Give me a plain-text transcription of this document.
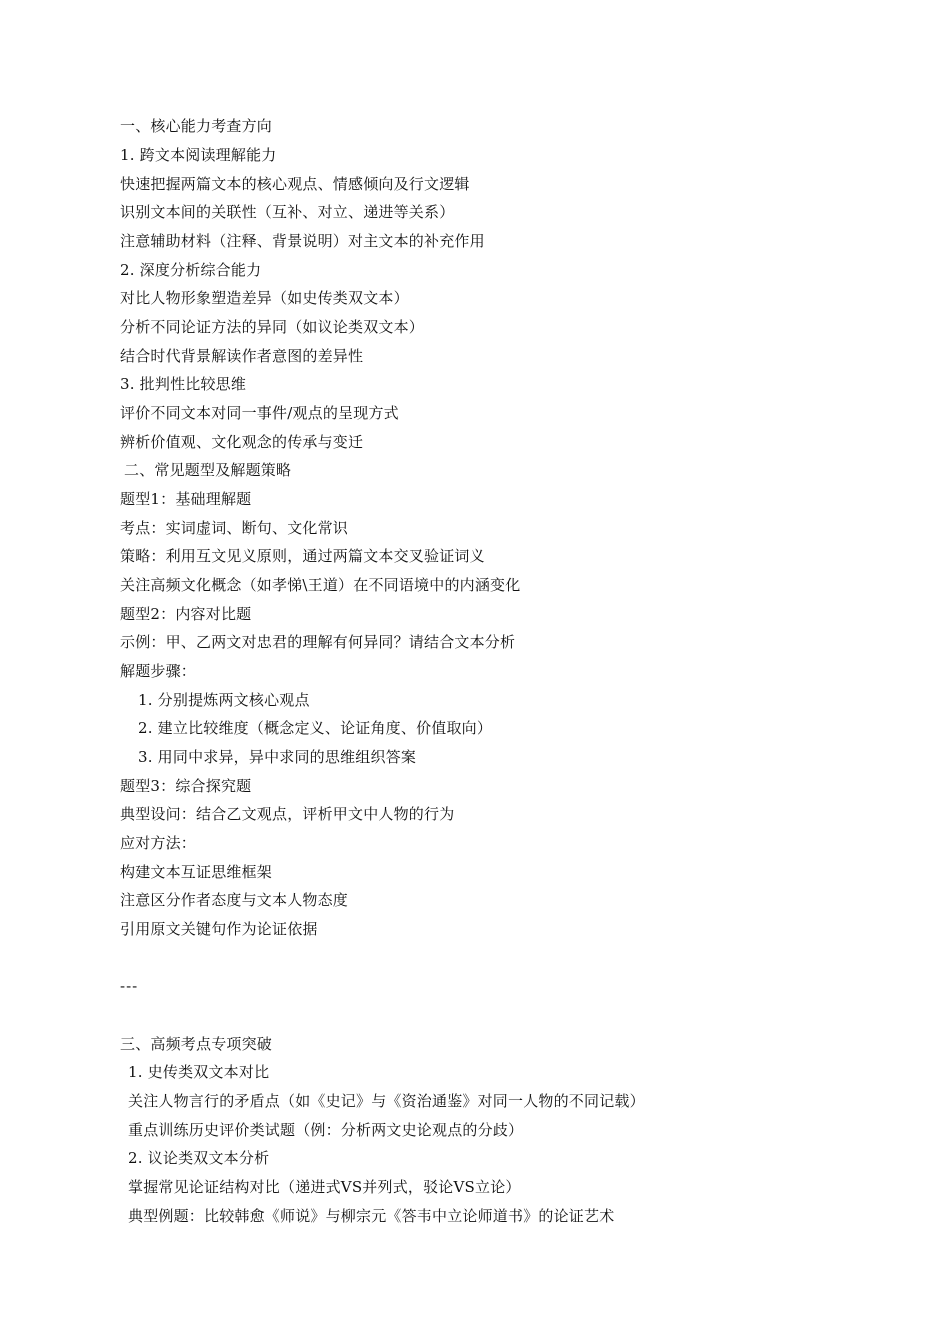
一、核心能力考查方向
1. 跨文本阅读理解能力
快速把握两篇文本的核心观点、情感倾向及行文逻辑
识别文本间的关联性（互补、对立、递进等关系）
注意辅助材料（注释、背景说明）对主文本的补充作用
2. 深度分析综合能力
对比人物形象塑造差异（如史传类双文本）
分析不同论证方法的异同（如议论类双文本）
结合时代背景解读作者意图的差异性
3. 批判性比较思维
评价不同文本对同一事件/观点的呈现方式
辨析价值观、文化观念的传承与变迁
二、常见题型及解题策略
题型1：基础理解题
考点：实词虚词、断句、文化常识
策略：利用互文见义原则，通过两篇文本交叉验证词义
关注高频文化概念（如孝悌\王道）在不同语境中的内涵变化
题型2：内容对比题
示例：甲、乙两文对忠君的理解有何异同？请结合文本分析
解题步骤：
1. 分别提炼两文核心观点
2. 建立比较维度（概念定义、论证角度、价值取向）
3. 用同中求异，异中求同的思维组织答案
题型3：综合探究题
典型设问：结合乙文观点，评析甲文中人物的行为
应对方法：
构建文本互证思维框架
注意区分作者态度与文本人物态度
引用原文关键句作为论证依据
---
三、高频考点专项突破
1. 史传类双文本对比
关注人物言行的矛盾点（如《史记》与《资治通鉴》对同一人物的不同记载）
重点训练历史评价类试题（例：分析两文史论观点的分歧）
2. 议论类双文本分析
掌握常见论证结构对比（递进式VS并列式，驳论VS立论）
典型例题：比较韩愈《师说》与柳宗元《答韦中立论师道书》的论证艺术
